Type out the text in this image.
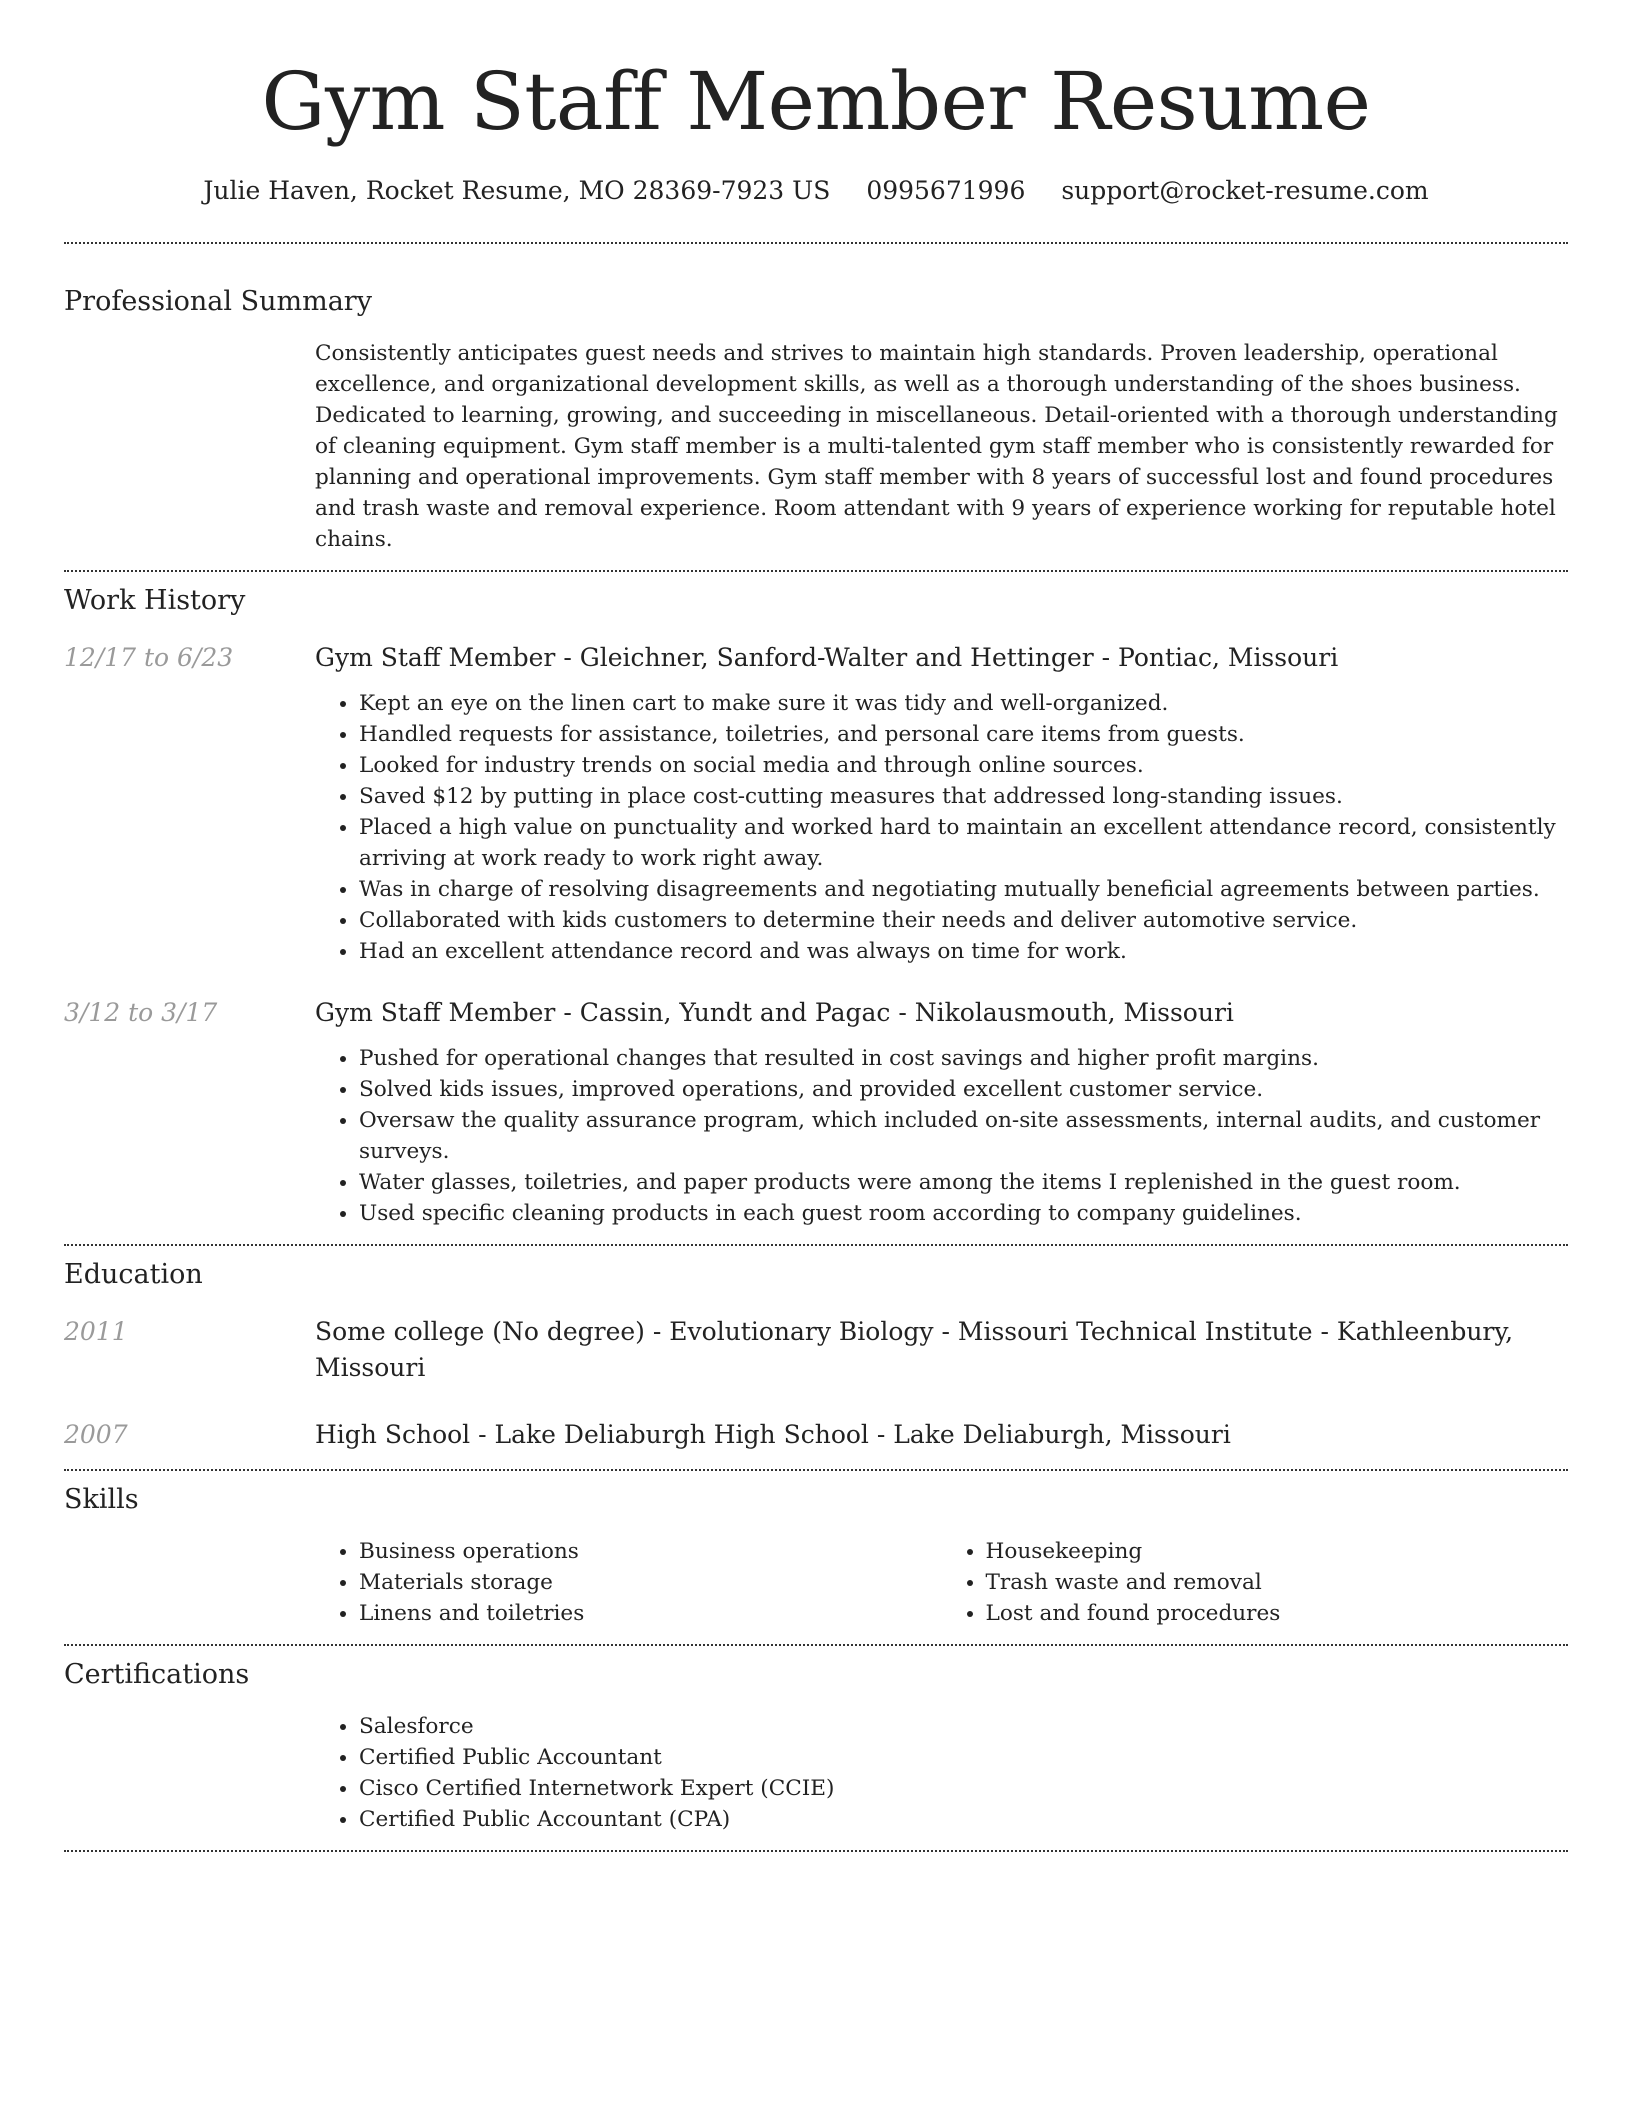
Gym Staff Member Resume
Julie Haven, Rocket Resume, MO 28369-7923 US 0995671996 support@rocket-resume.com
Professional Summary
Consistently anticipates guest needs and strives to maintain high standards. Proven leadership, operational excellence, and organizational development skills, as well as a thorough understanding of the shoes business. Dedicated to learning, growing, and succeeding in miscellaneous. Detail-oriented with a thorough understanding of cleaning equipment. Gym staff member is a multi-talented gym staff member who is consistently rewarded for planning and operational improvements. Gym staff member with 8 years of successful lost and found procedures and trash waste and removal experience. Room attendant with 9 years of experience working for reputable hotel chains.
Work History
12/17 to 6/23	Gym Staff Member - Gleichner, Sanford-Walter and Hettinger - Pontiac, Missouri
• Kept an eye on the linen cart to make sure it was tidy and well-organized.
• Handled requests for assistance, toiletries, and personal care items from guests.
• Looked for industry trends on social media and through online sources.
• Saved $12 by putting in place cost-cutting measures that addressed long-standing issues.
• Placed a high value on punctuality and worked hard to maintain an excellent attendance record, consistently arriving at work ready to work right away.
• Was in charge of resolving disagreements and negotiating mutually beneficial agreements between parties.
• Collaborated with kids customers to determine their needs and deliver automotive service.
• Had an excellent attendance record and was always on time for work.
3/12 to 3/17	Gym Staff Member - Cassin, Yundt and Pagac - Nikolausmouth, Missouri
• Pushed for operational changes that resulted in cost savings and higher profit margins.
• Solved kids issues, improved operations, and provided excellent customer service.
• Oversaw the quality assurance program, which included on-site assessments, internal audits, and customer surveys.
• Water glasses, toiletries, and paper products were among the items I replenished in the guest room.
• Used specific cleaning products in each guest room according to company guidelines.
Education
2011	Some college (No degree) - Evolutionary Biology - Missouri Technical Institute - Kathleenbury, Missouri
2007	High School - Lake Deliaburgh High School - Lake Deliaburgh, Missouri
Skills
• Business operations
• Materials storage
• Linens and toiletries
• Housekeeping
• Trash waste and removal
• Lost and found procedures
Certifications
• Salesforce
• Certified Public Accountant
• Cisco Certified Internetwork Expert (CCIE)
• Certified Public Accountant (CPA)
